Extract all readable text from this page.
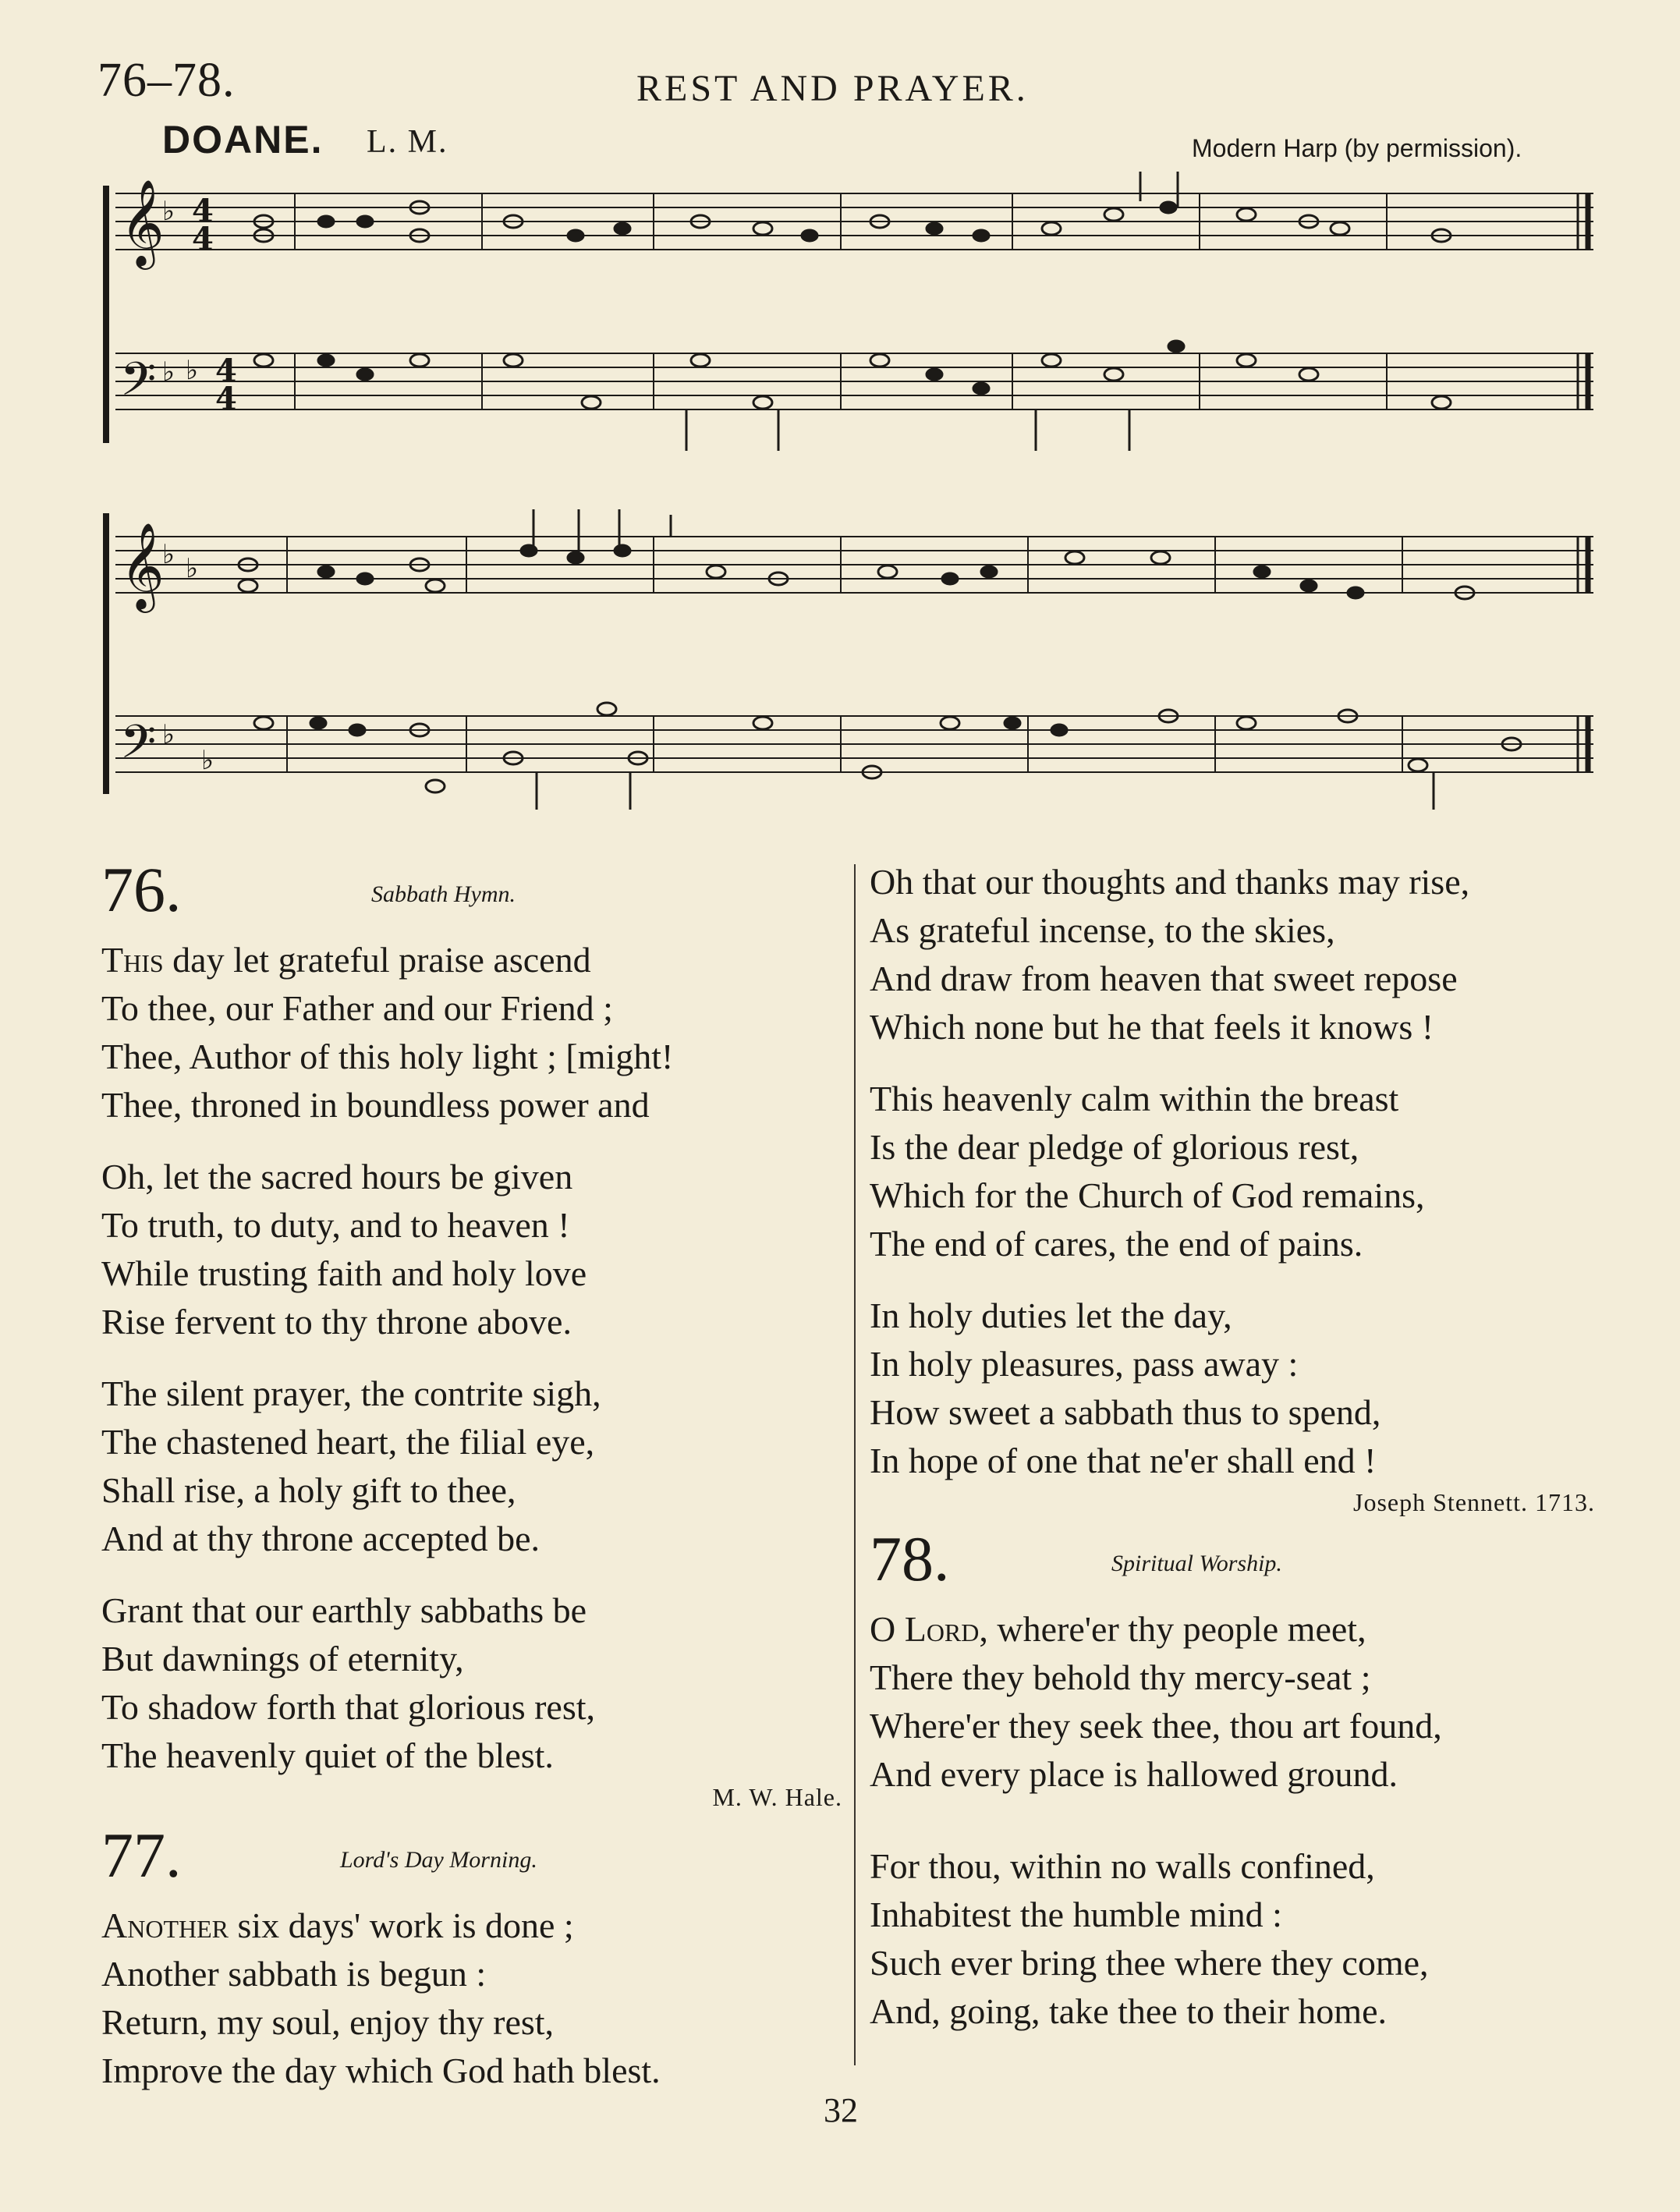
76–78.	REST AND PRAYER.
DOANE. L. M.	Modern Harp (by permission).
𝄞
𝄢
♭
♭ ♭
4
4
4
4
𝄞
𝄢
♭ ♭
♭
♭
76.	Sabbath Hymn.
This day let grateful praise ascend
To thee, our Father and our Friend ;
Thee, Author of this holy light ; [might!
Thee, throned in boundless power and
Oh, let the sacred hours be given
To truth, to duty, and to heaven !
While trusting faith and holy love
Rise fervent to thy throne above.
The silent prayer, the contrite sigh,
The chastened heart, the filial eye,
Shall rise, a holy gift to thee,
And at thy throne accepted be.
Grant that our earthly sabbaths be
But dawnings of eternity,
To shadow forth that glorious rest,
The heavenly quiet of the blest.
M. W. Hale.
77.	Lord's Day Morning.
Another six days' work is done ;
Another sabbath is begun :
Return, my soul, enjoy thy rest,
Improve the day which God hath blest.
Oh that our thoughts and thanks may rise,
As grateful incense, to the skies,
And draw from heaven that sweet repose
Which none but he that feels it knows !
This heavenly calm within the breast
Is the dear pledge of glorious rest,
Which for the Church of God remains,
The end of cares, the end of pains.
In holy duties let the day,
In holy pleasures, pass away :
How sweet a sabbath thus to spend,
In hope of one that ne'er shall end !
Joseph Stennett. 1713.
78.	Spiritual Worship.
O Lord, where'er thy people meet,
There they behold thy mercy-seat ;
Where'er they seek thee, thou art found,
And every place is hallowed ground.
For thou, within no walls confined,
Inhabitest the humble mind :
Such ever bring thee where they come,
And, going, take thee to their home.
32
